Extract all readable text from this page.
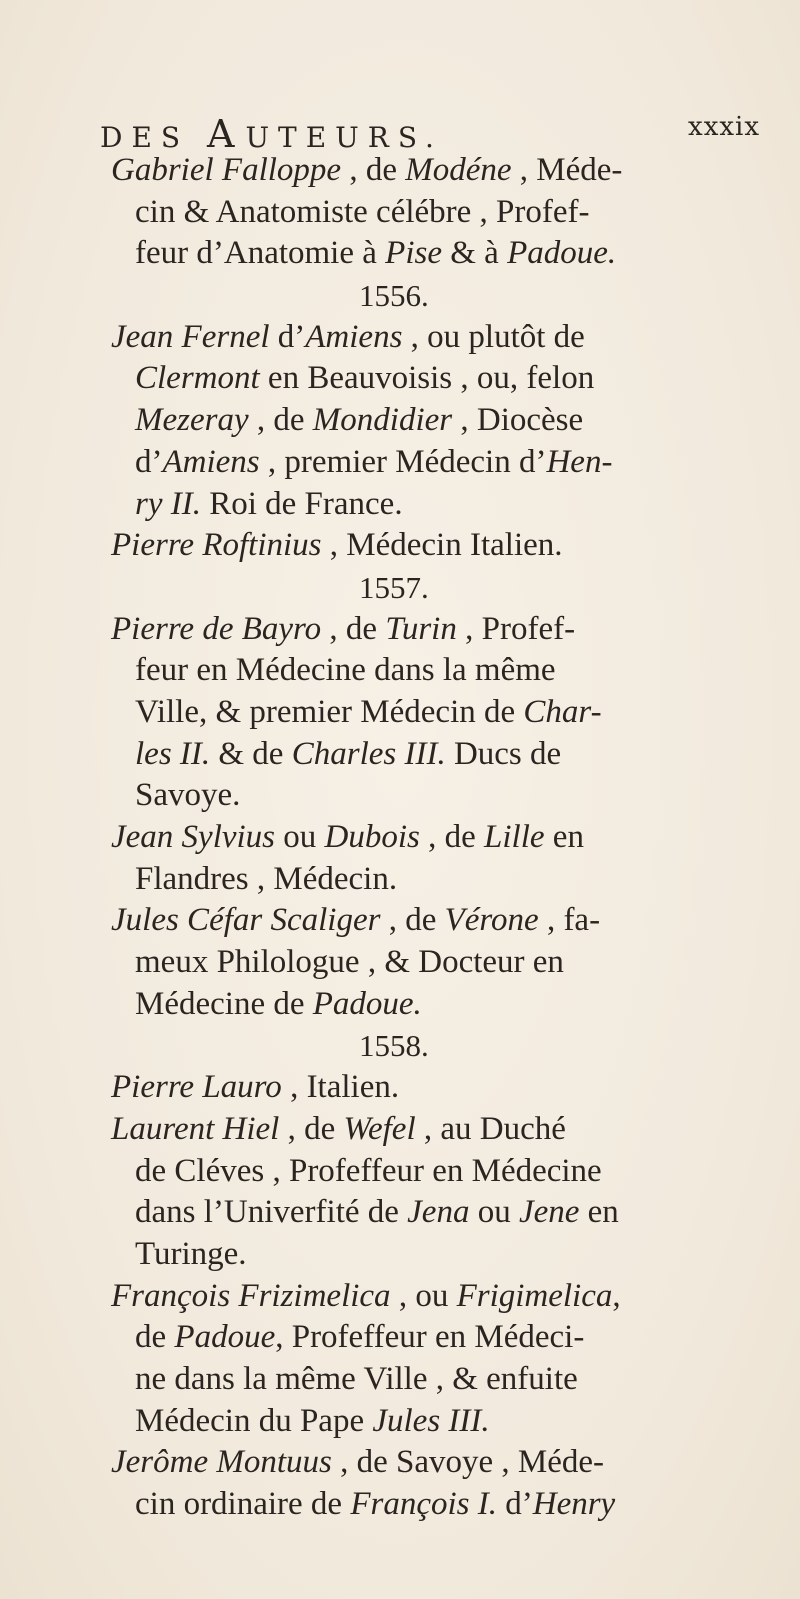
DES AUTEURS.	xxxix
Gabriel Falloppe , de Modéne , Méde-
cin & Anatomiste célébre , Profef-
feur d’Anatomie à Pise & à Padoue.
1556.
Jean Fernel d’Amiens , ou plutôt de
Clermont en Beauvoisis , ou, felon
Mezeray , de Mondidier , Diocèse
d’Amiens , premier Médecin d’Hen-
ry II. Roi de France.
Pierre Roftinius , Médecin Italien.
1557.
Pierre de Bayro , de Turin , Profef-
feur en Médecine dans la même
Ville, & premier Médecin de Char-
les II. & de Charles III. Ducs de
Savoye.
Jean Sylvius ou Dubois , de Lille en
Flandres , Médecin.
Jules Céfar Scaliger , de Vérone , fa-
meux Philologue , & Docteur en
Médecine de Padoue.
1558.
Pierre Lauro , Italien.
Laurent Hiel , de Wefel , au Duché
de Cléves , Profeffeur en Médecine
dans l’Univerfité de Jena ou Jene en
Turinge.
François Frizimelica , ou Frigimelica,
de Padoue, Profeffeur en Médeci-
ne dans la même Ville , & enfuite
Médecin du Pape Jules III.
Jerôme Montuus , de Savoye , Méde-
cin ordinaire de François I. d’Henry
